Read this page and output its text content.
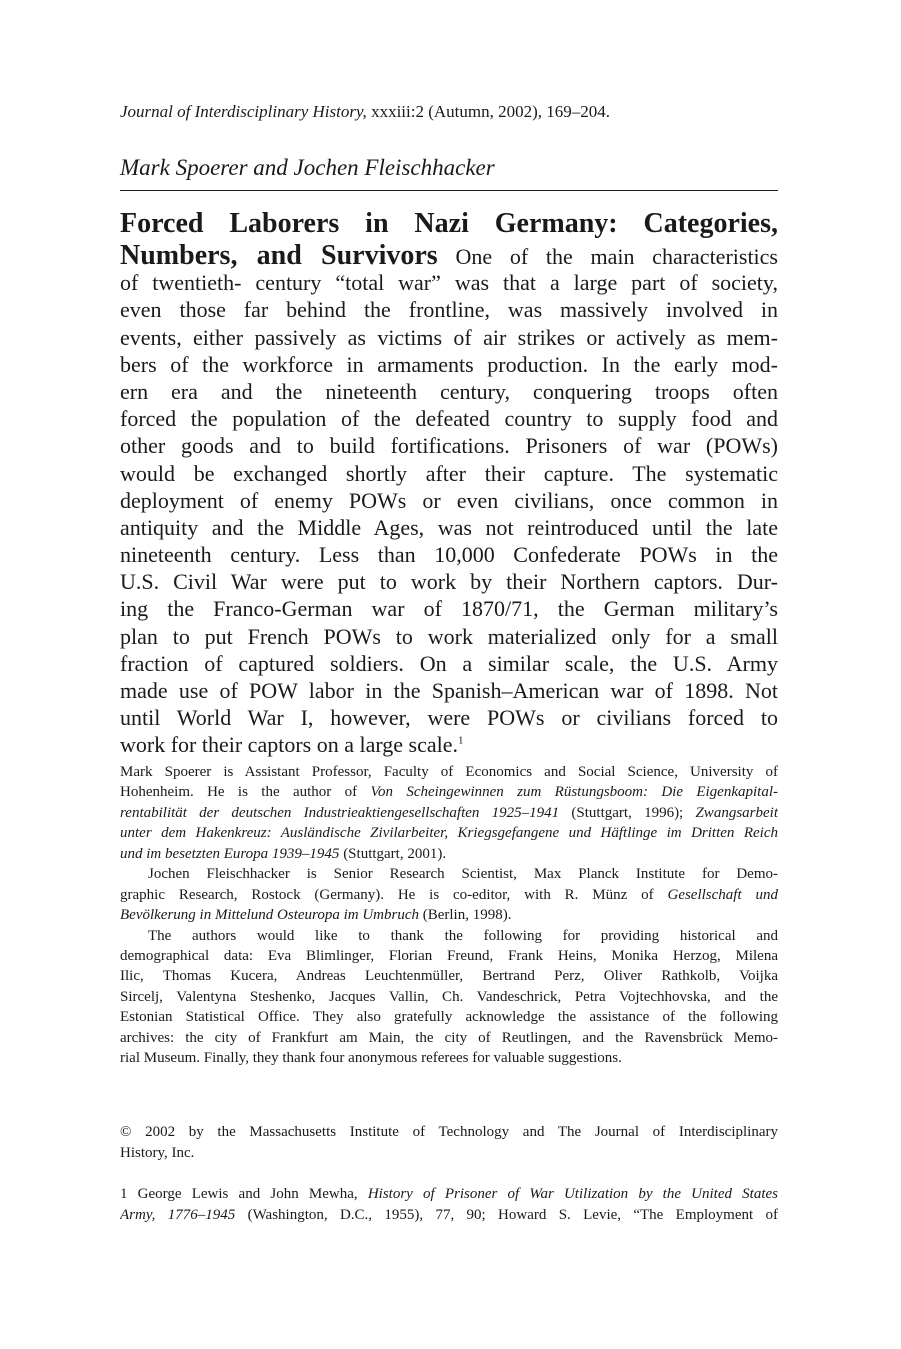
Journal of Interdisciplinary History, xxxiii:2 (Autumn, 2002), 169–204.
Mark Spoerer and Jochen Fleischhacker
Forced Laborers in Nazi Germany: Categories,
Numbers, and Survivors One of the main characteristics
of twentieth- century “total war” was that a large part of society,
even those far behind the frontline, was massively involved in
events, either passively as victims of air strikes or actively as mem-
bers of the workforce in armaments production. In the early mod-
ern era and the nineteenth century, conquering troops often
forced the population of the defeated country to supply food and
other goods and to build fortifications. Prisoners of war (POWs)
would be exchanged shortly after their capture. The systematic
deployment of enemy POWs or even civilians, once common in
antiquity and the Middle Ages, was not reintroduced until the late
nineteenth century. Less than 10,000 Confederate POWs in the
U.S. Civil War were put to work by their Northern captors. Dur-
ing the Franco-German war of 1870/71, the German military’s
plan to put French POWs to work materialized only for a small
fraction of captured soldiers. On a similar scale, the U.S. Army
made use of POW labor in the Spanish–American war of 1898. Not
until World War I, however, were POWs or civilians forced to
work for their captors on a large scale.$^1$
Mark Spoerer is Assistant Professor, Faculty of Economics and Social Science, University of
Hohenheim. He is the author of Von Scheingewinnen zum Rüstungsboom: Die Eigenkapital-
rentabilität der deutschen Industrieaktiengesellschaften 1925–1941 (Stuttgart, 1996); Zwangsarbeit
unter dem Hakenkreuz: Ausländische Zivilarbeiter, Kriegsgefangene und Häftlinge im Dritten Reich
und im besetzten Europa 1939–1945 (Stuttgart, 2001).
Jochen Fleischhacker is Senior Research Scientist, Max Planck Institute for Demo-
graphic Research, Rostock (Germany). He is co-editor, with R. Münz of Gesellschaft und
Bevölkerung in Mittelund Osteuropa im Umbruch (Berlin, 1998).
The authors would like to thank the following for providing historical and
demographical data: Eva Blimlinger, Florian Freund, Frank Heins, Monika Herzog, Milena
Ilic, Thomas Kucera, Andreas Leuchtenmüller, Bertrand Perz, Oliver Rathkolb, Voijka
Sircelj, Valentyna Steshenko, Jacques Vallin, Ch. Vandeschrick, Petra Vojtechhovska, and the
Estonian Statistical Office. They also gratefully acknowledge the assistance of the following
archives: the city of Frankfurt am Main, the city of Reutlingen, and the Ravensbrück Memo-
rial Museum. Finally, they thank four anonymous referees for valuable suggestions.
© 2002 by the Massachusetts Institute of Technology and The Journal of Interdisciplinary
History, Inc.
1 George Lewis and John Mewha, History of Prisoner of War Utilization by the United States
Army, 1776–1945 (Washington, D.C., 1955), 77, 90; Howard S. Levie, “The Employment of
